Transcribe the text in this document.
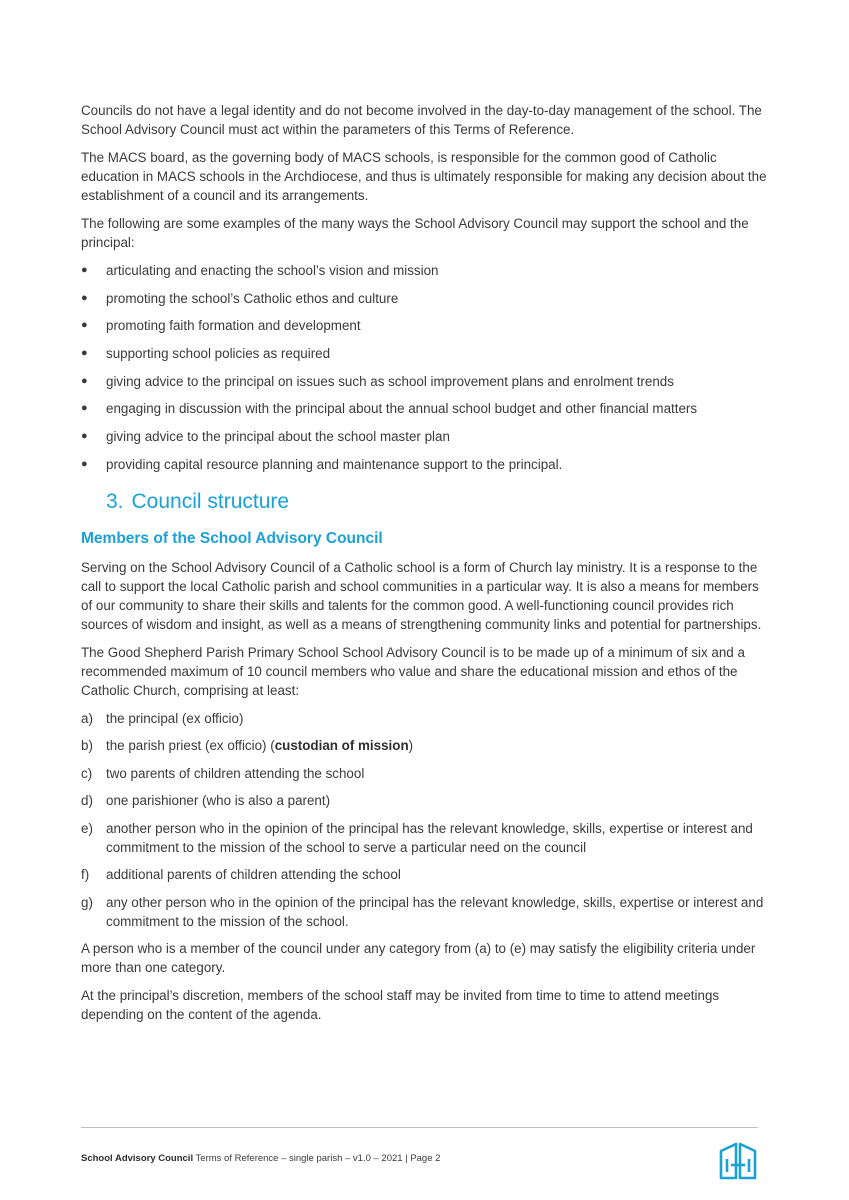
Councils do not have a legal identity and do not become involved in the day-to-day management of the school. The School Advisory Council must act within the parameters of this Terms of Reference.

The MACS board, as the governing body of MACS schools, is responsible for the common good of Catholic education in MACS schools in the Archdiocese, and thus is ultimately responsible for making any decision about the establishment of a council and its arrangements.

The following are some examples of the many ways the School Advisory Council may support the school and the principal:

● articulating and enacting the school’s vision and mission
● promoting the school’s Catholic ethos and culture
● promoting faith formation and development
● supporting school policies as required
● giving advice to the principal on issues such as school improvement plans and enrolment trends
● engaging in discussion with the principal about the annual school budget and other financial matters
● giving advice to the principal about the school master plan
● providing capital resource planning and maintenance support to the principal.
3. Council structure
Members of the School Advisory Council

Serving on the School Advisory Council of a Catholic school is a form of Church lay ministry. It is a response to the call to support the local Catholic parish and school communities in a particular way. It is also a means for members of our community to share their skills and talents for the common good. A well-functioning council provides rich sources of wisdom and insight, as well as a means of strengthening community links and potential for partnerships.

The Good Shepherd Parish Primary School School Advisory Council is to be made up of a minimum of six and a recommended maximum of 10 council members who value and share the educational mission and ethos of the Catholic Church, comprising at least:

a) the principal (ex officio)
b) the parish priest (ex officio) (custodian of mission)
c) two parents of children attending the school
d) one parishioner (who is also a parent)
e) another person who in the opinion of the principal has the relevant knowledge, skills, expertise or interest and commitment to the mission of the school to serve a particular need on the council
f) additional parents of children attending the school
g) any other person who in the opinion of the principal has the relevant knowledge, skills, expertise or interest and commitment to the mission of the school.

A person who is a member of the council under any category from (a) to (e) may satisfy the eligibility criteria under more than one category.

At the principal’s discretion, members of the school staff may be invited from time to time to attend meetings depending on the content of the agenda.

School Advisory Council Terms of Reference – single parish – v1.0 – 2021 | Page 2
